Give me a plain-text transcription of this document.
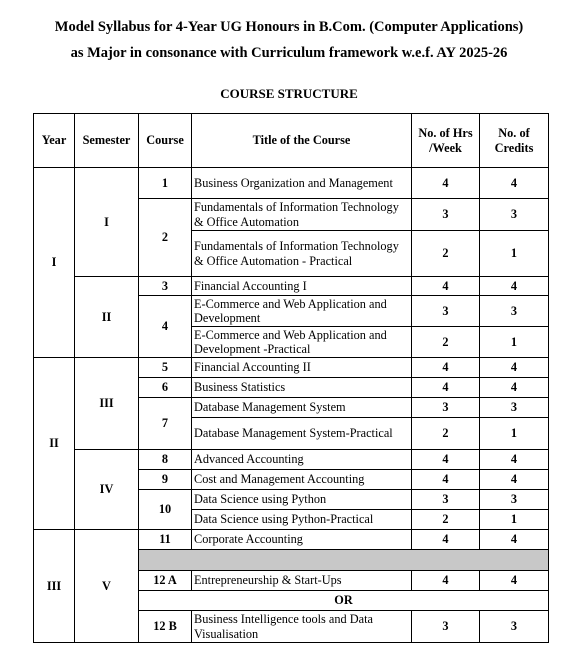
Model Syllabus for 4-Year UG Honours in B.Com. (Computer Applications)
as Major in consonance with Curriculum framework w.e.f. AY 2025-26
COURSE STRUCTURE
Year	Semester	Course	Title of the Course	No. of Hrs /Week	No. of Credits
I	I	1	Business Organization and Management	4	4
		2	Fundamentals of Information Technology & Office Automation	3	3
			Fundamentals of Information Technology & Office Automation - Practical	2	1
	II	3	Financial Accounting I	4	4
		4	E-Commerce and Web Application and Development	3	3
			E-Commerce and Web Application and Development -Practical	2	1
II	III	5	Financial Accounting II	4	4
		6	Business Statistics	4	4
		7	Database Management System	3	3
			Database Management System-Practical	2	1
	IV	8	Advanced Accounting	4	4
		9	Cost and Management Accounting	4	4
		10	Data Science using Python	3	3
			Data Science using Python-Practical	2	1
III	V	11	Corporate Accounting	4	4

		12 A	Entrepreneurship & Start-Ups	4	4
		OR			
		12 B	Business Intelligence tools and Data Visualisation	3	3
